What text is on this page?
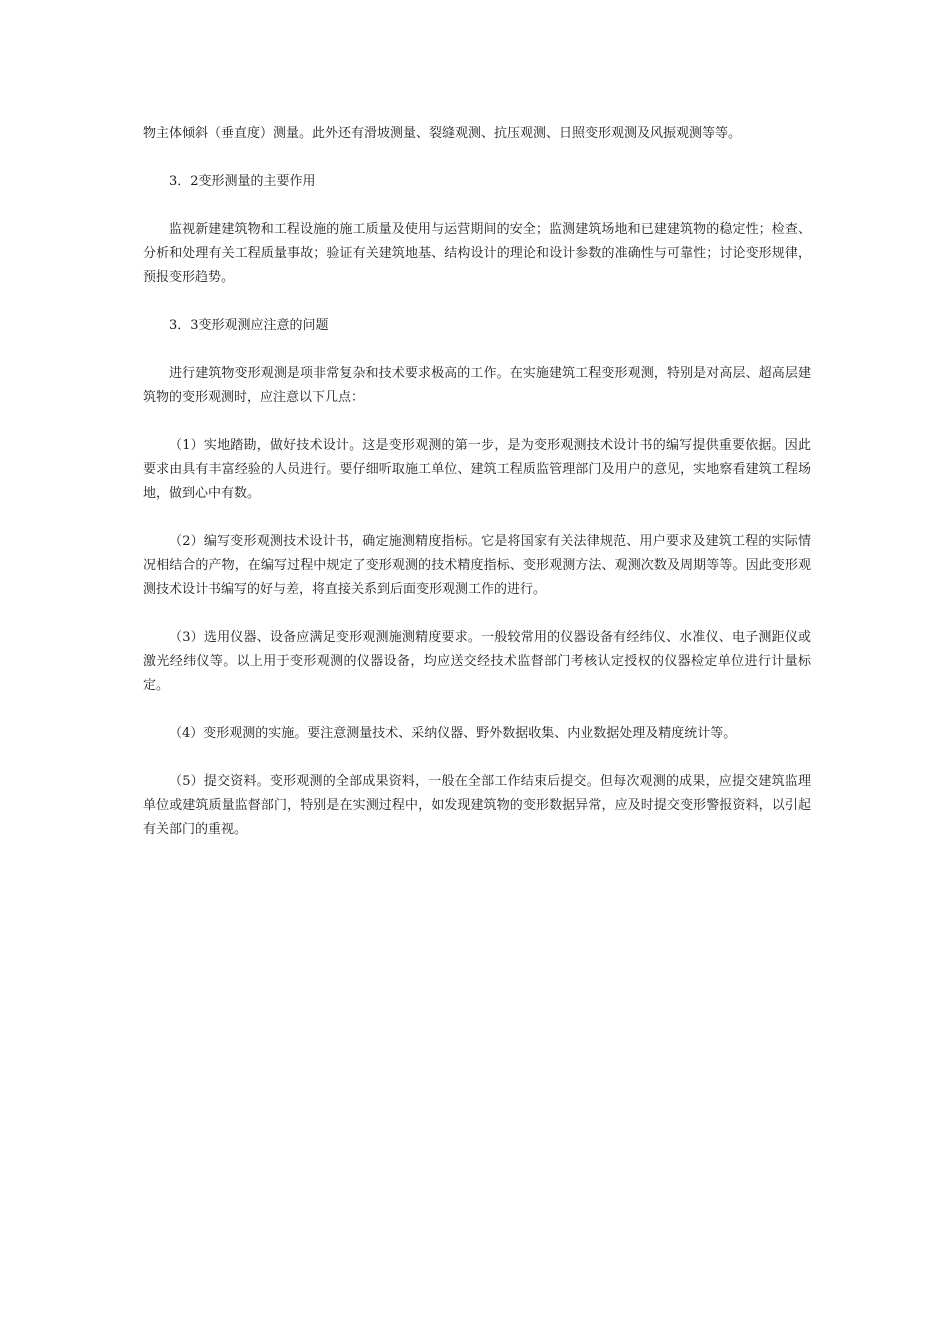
物主体倾斜（垂直度）测量。此外还有滑坡测量、裂缝观测、抗压观测、日照变形观测及风振观测等等。

3．2变形测量的主要作用

监视新建建筑物和工程设施的施工质量及使用与运营期间的安全；监测建筑场地和已建建筑物的稳定性；检查、分析和处理有关工程质量事故；验证有关建筑地基、结构设计的理论和设计参数的准确性与可靠性；讨论变形规律，预报变形趋势。

3．3变形观测应注意的问题

进行建筑物变形观测是项非常复杂和技术要求极高的工作。在实施建筑工程变形观测，特别是对高层、超高层建筑物的变形观测时，应注意以下几点：

（1）实地踏勘，做好技术设计。这是变形观测的第一步，是为变形观测技术设计书的编写提供重要依据。因此要求由具有丰富经验的人员进行。要仔细听取施工单位、建筑工程质监管理部门及用户的意见，实地察看建筑工程场地，做到心中有数。

（2）编写变形观测技术设计书，确定施测精度指标。它是将国家有关法律规范、用户要求及建筑工程的实际情况相结合的产物，在编写过程中规定了变形观测的技术精度指标、变形观测方法、观测次数及周期等等。因此变形观测技术设计书编写的好与差，将直接关系到后面变形观测工作的进行。

（3）选用仪器、设备应满足变形观测施测精度要求。一般较常用的仪器设备有经纬仪、水准仪、电子测距仪或激光经纬仪等。以上用于变形观测的仪器设备，均应送交经技术监督部门考核认定授权的仪器检定单位进行计量标定。

（4）变形观测的实施。要注意测量技术、采纳仪器、野外数据收集、内业数据处理及精度统计等。

（5）提交资料。变形观测的全部成果资料，一般在全部工作结束后提交。但每次观测的成果，应提交建筑监理单位或建筑质量监督部门，特别是在实测过程中，如发现建筑物的变形数据异常，应及时提交变形警报资料，以引起有关部门的重视。
